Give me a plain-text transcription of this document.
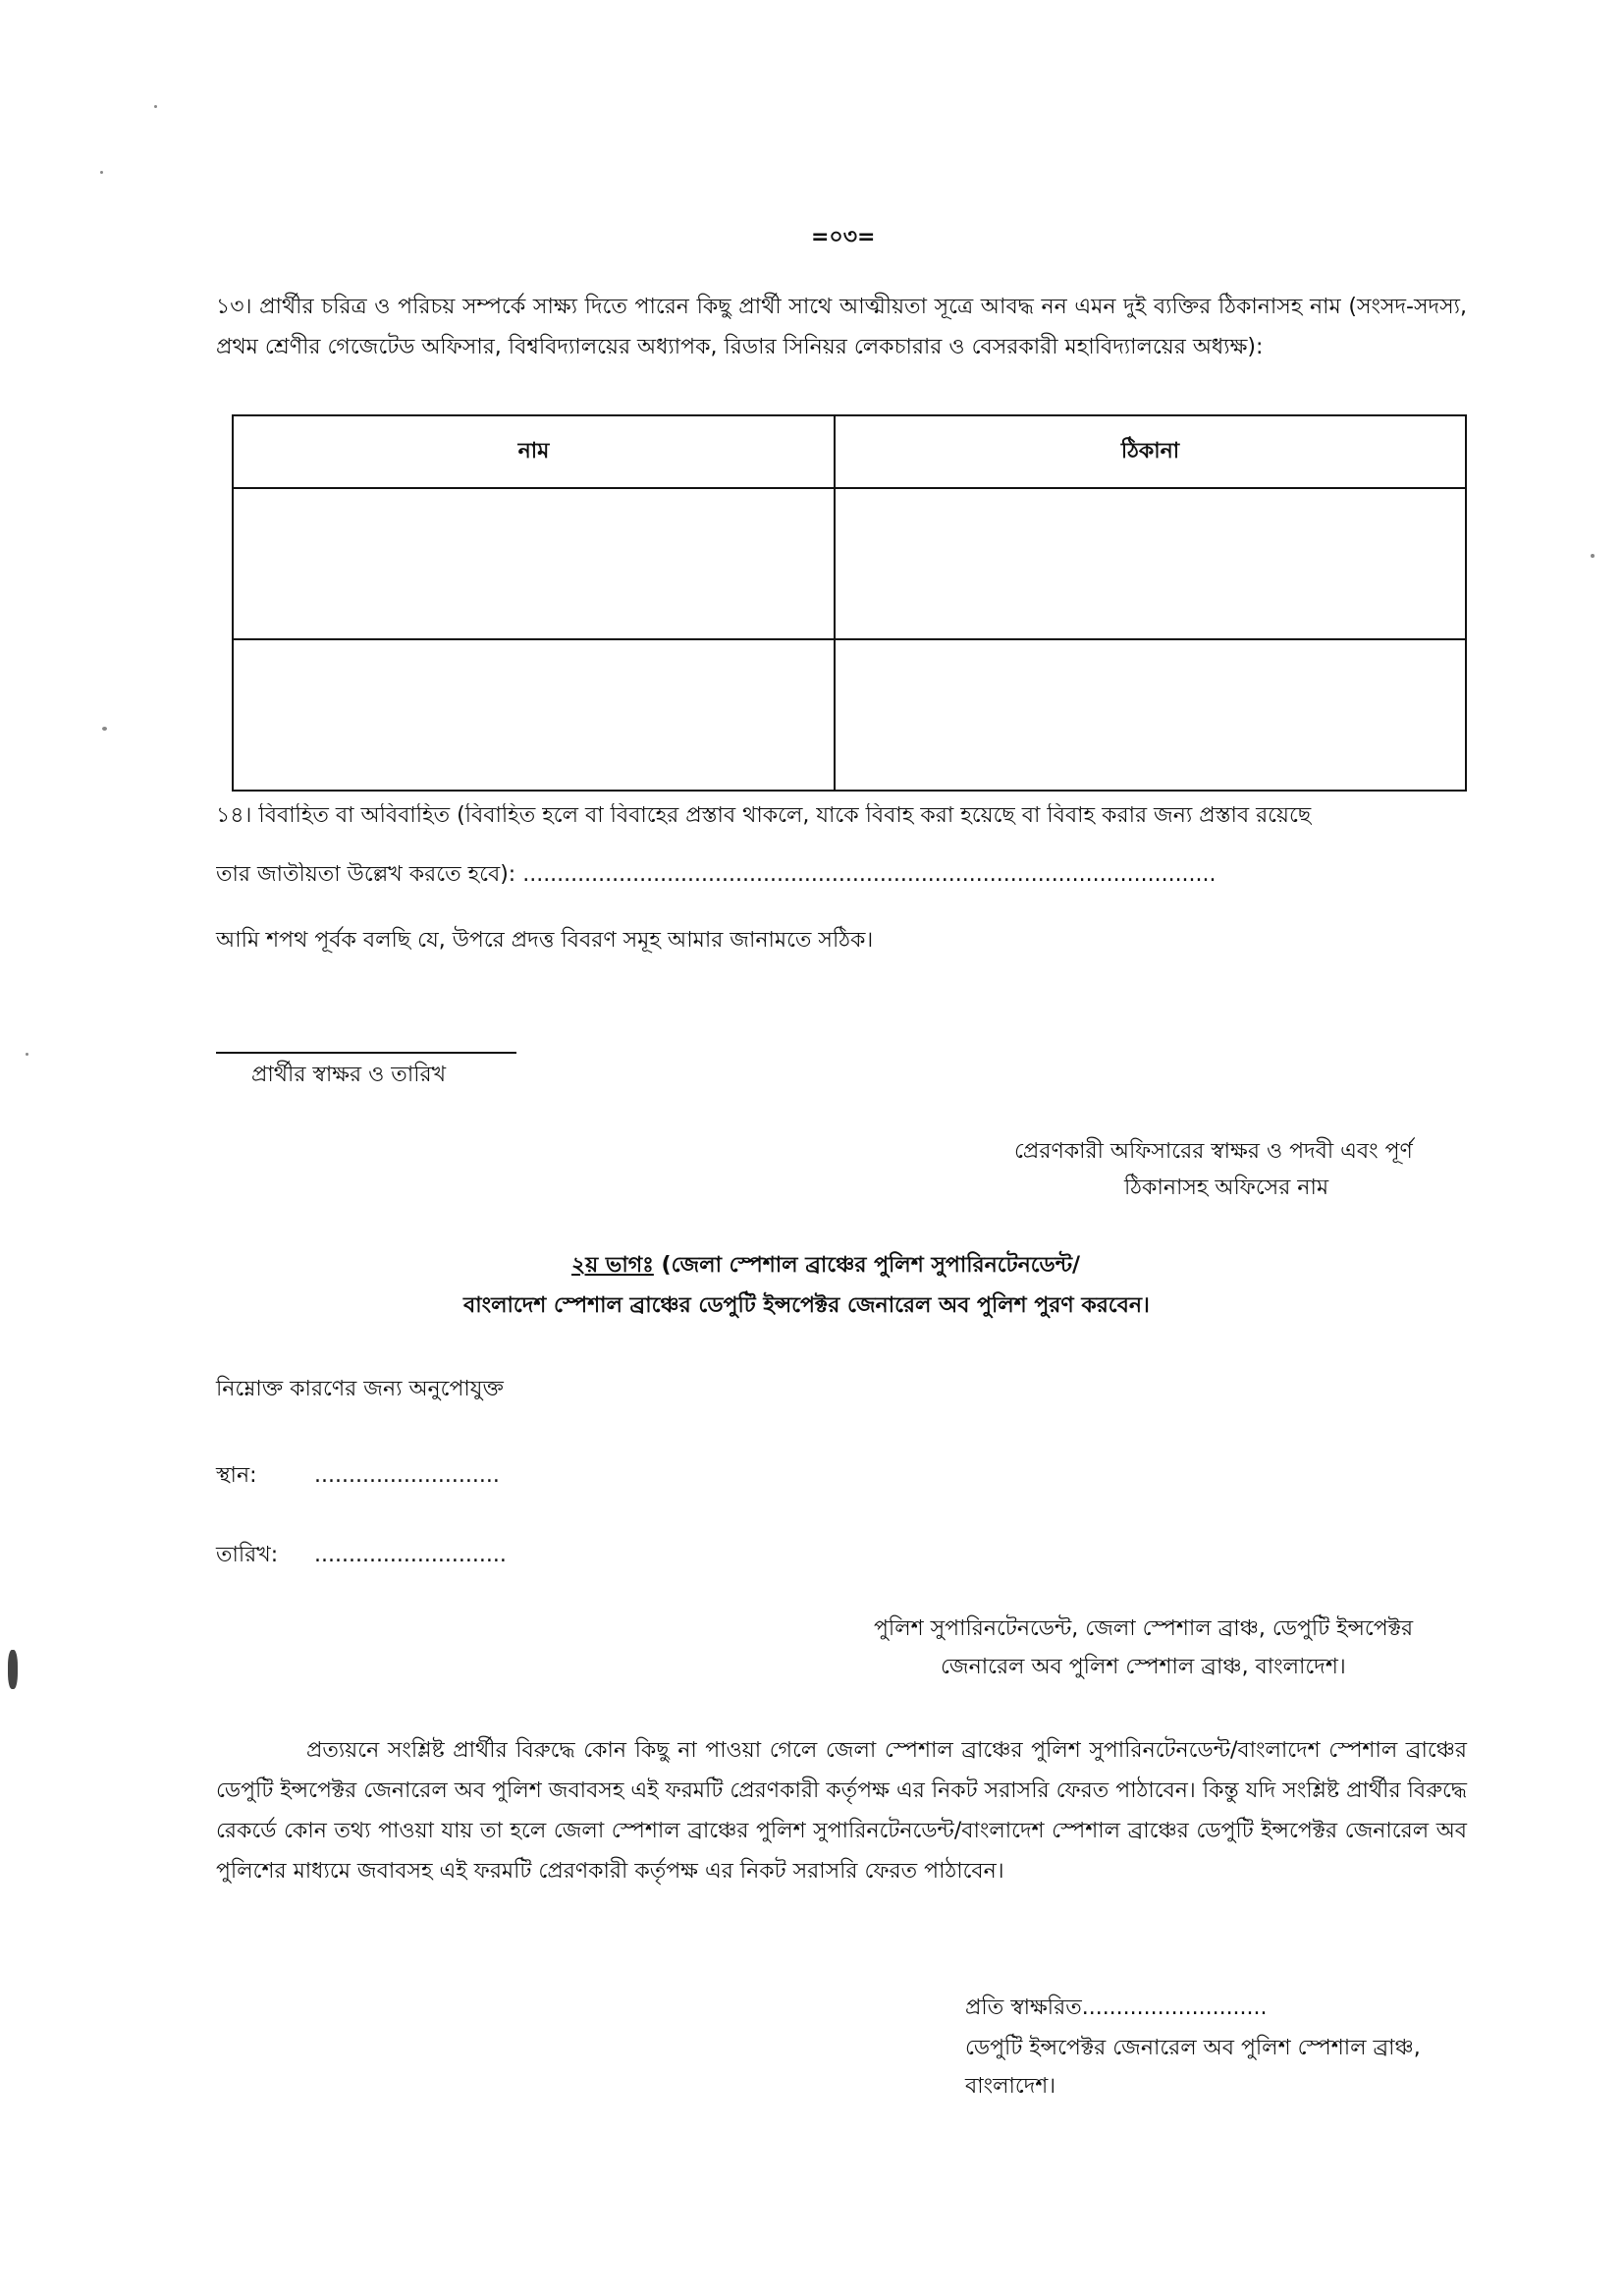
=০৩=
১৩। প্রার্থীর চরিত্র ও পরিচয় সম্পর্কে সাক্ষ্য দিতে পারেন কিছু প্রার্থী সাথে আত্মীয়তা সূত্রে আবদ্ধ নন এমন দুই ব্যক্তির ঠিকানাসহ নাম (সংসদ-সদস্য, প্রথম শ্রেণীর গেজেটেড অফিসার, বিশ্ববিদ্যালয়ের অধ্যাপক, রিডার সিনিয়র লেকচারার ও বেসরকারী মহাবিদ্যালয়ের অধ্যক্ষ):
নাম	ঠিকানা

১৪। বিবাহিত বা অবিবাহিত (বিবাহিত হলে বা বিবাহের প্রস্তাব থাকলে, যাকে বিবাহ করা হয়েছে বা বিবাহ করার জন্য প্রস্তাব রয়েছে
তার জাতীয়তা উল্লেখ করতে হবে): .....................................................................................................
আমি শপথ পূর্বক বলছি যে, উপরে প্রদত্ত বিবরণ সমূহ আমার জানামতে সঠিক।
প্রার্থীর স্বাক্ষর ও তারিখ
প্রেরণকারী অফিসারের স্বাক্ষর ও পদবী এবং পূর্ণ
ঠিকানাসহ অফিসের নাম
২য় ভাগঃ (জেলা স্পেশাল ব্রাঞ্চের পুলিশ সুপারিনটেনডেন্ট/
বাংলাদেশ স্পেশাল ব্রাঞ্চের ডেপুটি ইন্সপেক্টর জেনারেল অব পুলিশ পুরণ করবেন।
নিম্নোক্ত কারণের জন্য অনুপোযুক্ত
স্থান:	...........................
তারিখ: ............................
পুলিশ সুপারিনটেনডেন্ট, জেলা স্পেশাল ব্রাঞ্চ, ডেপুটি ইন্সপেক্টর
জেনারেল অব পুলিশ স্পেশাল ব্রাঞ্চ, বাংলাদেশ।
প্রত্যয়নে সংশ্লিষ্ট প্রার্থীর বিরুদ্ধে কোন কিছু না পাওয়া গেলে জেলা স্পেশাল ব্রাঞ্চের পুলিশ সুপারিনটেনডেন্ট/বাংলাদেশ স্পেশাল ব্রাঞ্চের ডেপুটি ইন্সপেক্টর জেনারেল অব পুলিশ জবাবসহ এই ফরমটি প্রেরণকারী কর্তৃপক্ষ এর নিকট সরাসরি ফেরত পাঠাবেন। কিন্তু যদি সংশ্লিষ্ট প্রার্থীর বিরুদ্ধে রেকর্ডে কোন তথ্য পাওয়া যায় তা হলে জেলা স্পেশাল ব্রাঞ্চের পুলিশ সুপারিনটেনডেন্ট/বাংলাদেশ স্পেশাল ব্রাঞ্চের ডেপুটি ইন্সপেক্টর জেনারেল অব পুলিশের মাধ্যমে জবাবসহ এই ফরমটি প্রেরণকারী কর্তৃপক্ষ এর নিকট সরাসরি ফেরত পাঠাবেন।
প্রতি স্বাক্ষরিত...........................
ডেপুটি ইন্সপেক্টর জেনারেল অব পুলিশ স্পেশাল ব্রাঞ্চ,
বাংলাদেশ।
